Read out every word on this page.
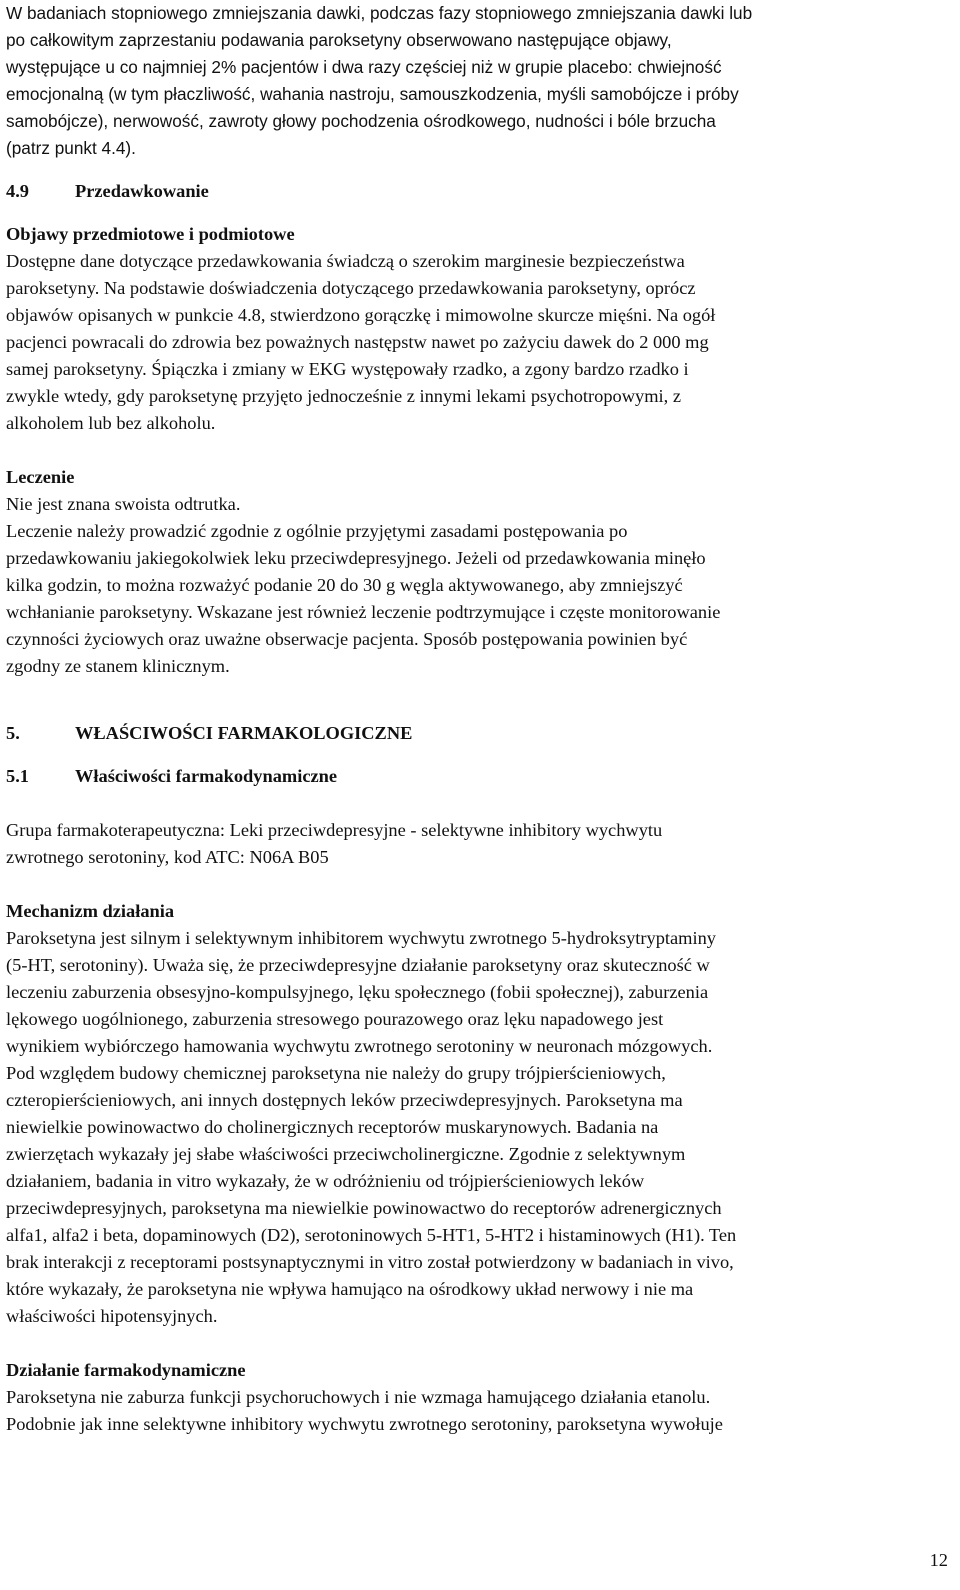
W badaniach stopniowego zmniejszania dawki, podczas fazy stopniowego zmniejszania dawki lub
po całkowitym zaprzestaniu podawania paroksetyny obserwowano następujące objawy,
występujące u co najmniej 2% pacjentów i dwa razy częściej niż w grupie placebo: chwiejność
emocjonalną (w tym płaczliwość, wahania nastroju, samouszkodzenia, myśli samobójcze i próby
samobójcze), nerwowość, zawroty głowy pochodzenia ośrodkowego, nudności i bóle brzucha
(patrz punkt 4.4).
4.9	Przedawkowanie
Objawy przedmiotowe i podmiotowe
Dostępne dane dotyczące przedawkowania świadczą o szerokim marginesie bezpieczeństwa
paroksetyny. Na podstawie doświadczenia dotyczącego przedawkowania paroksetyny, oprócz
objawów opisanych w punkcie 4.8, stwierdzono gorączkę i mimowolne skurcze mięśni. Na ogół
pacjenci powracali do zdrowia bez poważnych następstw nawet po zażyciu dawek do 2 000 mg
samej paroksetyny. Śpiączka i zmiany w EKG występowały rzadko, a zgony bardzo rzadko i
zwykle wtedy, gdy paroksetynę przyjęto jednocześnie z innymi lekami psychotropowymi, z
alkoholem lub bez alkoholu.
Leczenie
Nie jest znana swoista odtrutka.
Leczenie należy prowadzić zgodnie z ogólnie przyjętymi zasadami postępowania po
przedawkowaniu jakiegokolwiek leku przeciwdepresyjnego. Jeżeli od przedawkowania minęło
kilka godzin, to można rozważyć podanie 20 do 30 g węgla aktywowanego, aby zmniejszyć
wchłanianie paroksetyny. Wskazane jest również leczenie podtrzymujące i częste monitorowanie
czynności życiowych oraz uważne obserwacje pacjenta. Sposób postępowania powinien być
zgodny ze stanem klinicznym.
5.	WŁAŚCIWOŚCI FARMAKOLOGICZNE
5.1	Właściwości farmakodynamiczne
Grupa farmakoterapeutyczna: Leki przeciwdepresyjne - selektywne inhibitory wychwytu
zwrotnego serotoniny, kod ATC: N06A B05
Mechanizm działania
Paroksetyna jest silnym i selektywnym inhibitorem wychwytu zwrotnego 5-hydroksytryptaminy
(5-HT, serotoniny). Uważa się, że przeciwdepresyjne działanie paroksetyny oraz skuteczność w
leczeniu zaburzenia obsesyjno-kompulsyjnego, lęku społecznego (fobii społecznej), zaburzenia
lękowego uogólnionego, zaburzenia stresowego pourazowego oraz lęku napadowego jest
wynikiem wybiórczego hamowania wychwytu zwrotnego serotoniny w neuronach mózgowych.
Pod względem budowy chemicznej paroksetyna nie należy do grupy trójpierścieniowych,
czteropierścieniowych, ani innych dostępnych leków przeciwdepresyjnych. Paroksetyna ma
niewielkie powinowactwo do cholinergicznych receptorów muskarynowych. Badania na
zwierzętach wykazały jej słabe właściwości przeciwcholinergiczne. Zgodnie z selektywnym
działaniem, badania in vitro wykazały, że w odróżnieniu od trójpierścieniowych leków
przeciwdepresyjnych, paroksetyna ma niewielkie powinowactwo do receptorów adrenergicznych
alfa1, alfa2 i beta, dopaminowych (D2), serotoninowych 5-HT1, 5-HT2 i histaminowych (H1). Ten
brak interakcji z receptorami postsynaptycznymi in vitro został potwierdzony w badaniach in vivo,
które wykazały, że paroksetyna nie wpływa hamująco na ośrodkowy układ nerwowy i nie ma
właściwości hipotensyjnych.
Działanie farmakodynamiczne
Paroksetyna nie zaburza funkcji psychoruchowych i nie wzmaga hamującego działania etanolu.
Podobnie jak inne selektywne inhibitory wychwytu zwrotnego serotoniny, paroksetyna wywołuje
12
